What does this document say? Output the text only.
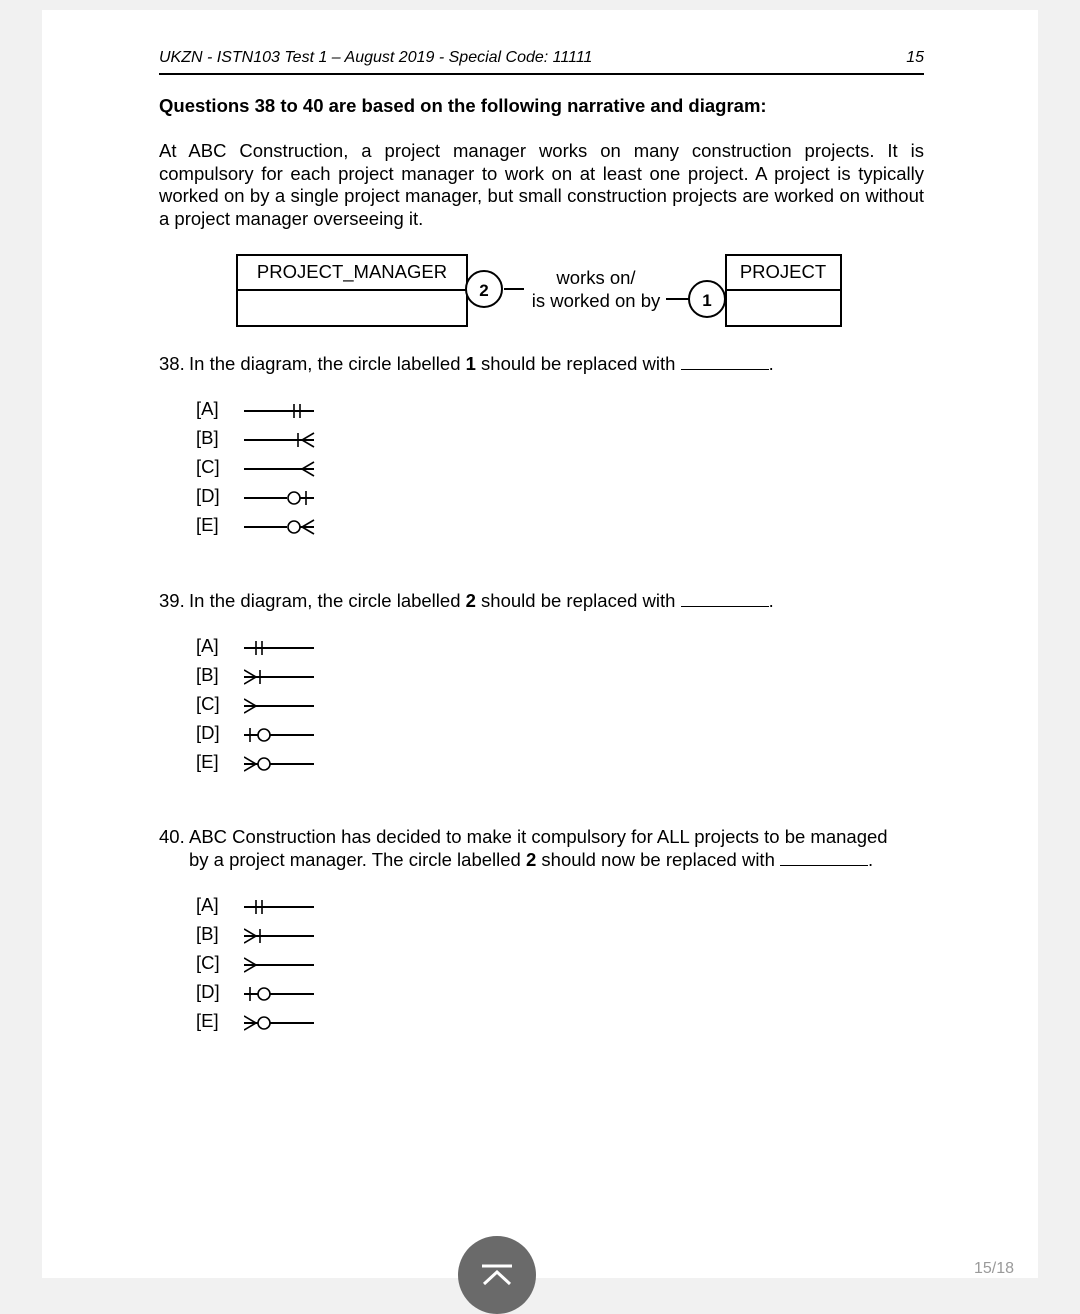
UKZN - ISTN103 Test 1 – August 2019 - Special Code: 11111	15
Questions 38 to 40 are based on the following narrative and diagram:
At ABC Construction, a project manager works on many construction projects. It is compulsory for each project manager to work on at least one project. A project is typically worked on by a single project manager, but small construction projects are worked on without a project manager overseeing it.
PROJECT_MANAGER
2
works on/
is worked on by 1
PROJECT
38. In the diagram, the circle labelled 1 should be replaced with	.
[A]
[B]
[C]
[D]
[E]
39. In the diagram, the circle labelled 2 should be replaced with	.
[A]
[B]
[C]
[D]
[E]
40. ABC Construction has decided to make it compulsory for ALL projects to be managed
by a project manager. The circle labelled 2 should now be replaced with	.
[A]
[B]
[C]
[D]
[E]
15/18
